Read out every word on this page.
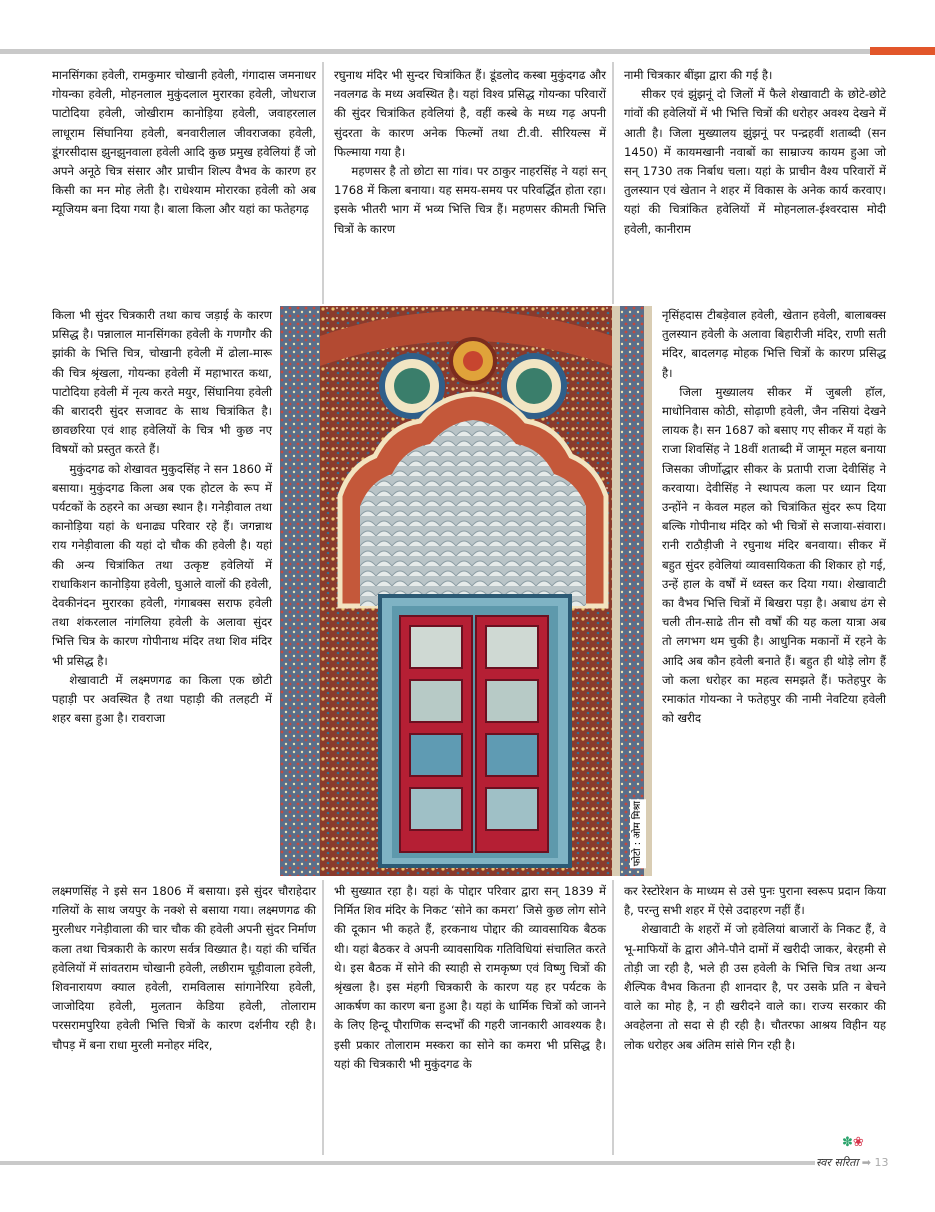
मानसिंगका हवेली, रामकुमार चोखानी हवेली, गंगादास जमनाधर गोयन्का हवेली, मोहनलाल मुकुंदलाल मुरारका हवेली, जोधराज पाटोदिया हवेली, जोखीराम कानोड़िया हवेली, जवाहरलाल लाधूराम सिंघानिया हवेली, बनवारीलाल जीवराजका हवेली, डूंगरसीदास झुनझुनवाला हवेली आदि कुछ प्रमुख हवेलियां हैं जो अपने अनूठे चित्र संसार और प्राचीन शिल्प वैभव के कारण हर किसी का मन मोह लेती है। राधेश्याम मोरारका हवेली को अब म्यूजियम बना दिया गया है। बाला किला और यहां का फतेहगढ़

किला भी सुंदर चित्रकारी तथा काच जड़ाई के कारण प्रसिद्ध है। पन्नालाल मानसिंगका हवेली के गणगौर की झांकी के भित्ति चित्र, चोखानी हवेली में ढोला-मारू की चित्र श्रृंखला, गोयन्का हवेली में महाभारत कथा, पाटोदिया हवेली में नृत्य करते मयुर, सिंघानिया हवेली की बारादरी सुंदर सजावट के साथ चित्रांकित है। छावछरिया एवं शाह हवेलियों के चित्र भी कुछ नए विषयों को प्रस्तुत करते हैं।

मुकुंदगढ को शेखावत मुकुदसिंह ने सन 1860 में बसाया। मुकुंदगढ किला अब एक होटल के रूप में पर्यटकों के ठहरने का अच्छा स्थान है। गनेड़ीवाल तथा कानोड़िया यहां के धनाढ्य परिवार रहे हैं। जगन्नाथ राय गनेड़ीवाला की यहां दो चौक की हवेली है। यहां की अन्य चित्रांकित तथा उत्कृष्ट हवेलियों में राधाकिशन कानोड़िया हवेली, घुआले वालों की हवेली, देवकीनंदन मुरारका हवेली, गंगाबक्स सराफ हवेली तथा शंकरलाल नांगलिया हवेली के अलावा सुंदर भित्ति चित्र के कारण गोपीनाथ मंदिर तथा शिव मंदिर भी प्रसिद्ध है।

शेखावाटी में लक्ष्मणगढ का किला एक छोटी पहाड़ी पर अवस्थित है तथा पहाड़ी की तलहटी में शहर बसा हुआ है। रावराजा

लक्ष्मणसिंह ने इसे सन 1806 में बसाया। इसे सुंदर चौराहेदार गलियों के साथ जयपुर के नक्शे से बसाया गया। लक्ष्मणगढ की मुरलीधर गनेड़ीवाला की चार चौक की हवेली अपनी सुंदर निर्माण कला तथा चित्रकारी के कारण सर्वत्र विख्यात है। यहां की चर्चित हवेलियों में सांवतराम चोखानी हवेली, लछीराम चूड़ीवाला हवेली, शिवनारायण क्याल हवेली, रामविलास सांगानेरिया हवेली, जाजोदिया हवेली, मुलतान केडिया हवेली, तोलाराम परसरामपुरिया हवेली भित्ति चित्रों के कारण दर्शनीय रही है। चौपड़ में बना राधा मुरली मनोहर मंदिर,

रघुनाथ मंदिर भी सुन्दर चित्रांकित हैं। डूंडलोद कस्बा मुकुंदगढ और नवलगढ के मध्य अवस्थित है। यहां विश्व प्रसिद्ध गोयन्का परिवारों की सुंदर चित्रांकित हवेलियां है, वहीं कस्बे के मध्य गढ़ अपनी सुंदरता के कारण अनेक फिल्मों तथा टी.वी. सीरियल्स में फिल्माया गया है।

महणसर है तो छोटा सा गांव। पर ठाकुर नाहरसिंह ने यहां सन् 1768 में किला बनाया। यह समय-समय पर परिवर्द्धित होता रहा। इसके भीतरी भाग में भव्य भित्ति चित्र हैं। महणसर कीमती भित्ति चित्रों के कारण

भी सुख्यात रहा है। यहां के पोद्दार परिवार द्वारा सन् 1839 में निर्मित शिव मंदिर के निकट ‘सोने का कमरा’ जिसे कुछ लोग सोने की दूकान भी कहते हैं, हरकनाथ पोद्दार की व्यावसायिक बैठक थी। यहां बैठकर वे अपनी व्यावसायिक गतिविधियां संचालित करते थे। इस बैठक में सोने की स्याही से रामकृष्ण एवं विष्णु चित्रों की श्रृंखला है। इस मंहगी चित्रकारी के कारण यह हर पर्यटक के आकर्षण का कारण बना हुआ है। यहां के धार्मिक चित्रों को जानने के लिए हिन्दू पौराणिक सन्दर्भों की गहरी जानकारी आवश्यक है। इसी प्रकार तोलाराम मस्करा का सोने का कमरा भी प्रसिद्ध है। यहां की चित्रकारी भी मुकुंदगढ के

नामी चित्रकार बींझा द्वारा की गई है।

सीकर एवं झुंझनूं दो जिलों में फैले शेखावाटी के छोटे-छोटे गांवों की हवेलियों में भी भित्ति चित्रों की धरोहर अवश्य देखने में आती है। जिला मुख्यालय झुंझनूं पर पन्द्रहवीं शताब्दी (सन 1450) में कायमखानी नवाबों का साम्राज्य कायम हुआ जो सन् 1730 तक निर्बाध चला। यहां के प्राचीन वैश्य परिवारों में तुलस्यान एवं खेतान ने शहर में विकास के अनेक कार्य करवाए। यहां की चित्रांकित हवेलियों में मोहनलाल-ईश्वरदास मोदी हवेली, कानीराम

नृसिंहदास टीबड़ेवाल हवेली, खेतान हवेली, बालाबक्स तुलस्यान हवेली के अलावा बिहारीजी मंदिर, राणी सती मंदिर, बादलगढ़ मोहक भित्ति चित्रों के कारण प्रसिद्ध है।

जिला मुख्यालय सीकर में जुबली हॉल, माधोनिवास कोठी, सोढ़ाणी हवेली, जैन नसियां देखने लायक है। सन 1687 को बसाए गए सीकर में यहां के राजा शिवसिंह ने 18वीं शताब्दी में जामून महल बनाया जिसका जीर्णोद्धार सीकर के प्रतापी राजा देवीसिंह ने करवाया। देवीसिंह ने स्थापत्य कला पर ध्यान दिया उन्होंने न केवल महल को चित्रांकित सुंदर रूप दिया बल्कि गोपीनाथ मंदिर को भी चित्रों से सजाया-संवारा। रानी राठौड़ीजी ने रघुनाथ मंदिर बनवाया। सीकर में बहुत सुंदर हवेलियां व्यावसायिकता की शिकार हो गई, उन्हें हाल के वर्षों में ध्वस्त कर दिया गया। शेखावाटी का वैभव भित्ति चित्रों में बिखरा पड़ा है। अबाध ढंग से चली तीन-साढे तीन सौ वर्षों की यह कला यात्रा अब तो लगभग थम चुकी है। आधुनिक मकानों में रहने के आदि अब कौन हवेली बनाते हैं। बहुत ही थोड़े लोग हैं जो कला धरोहर का महत्व समझते हैं। फतेहपुर के रमाकांत गोयन्का ने फतेहपुर की नामी नेवटिया हवेली को खरीद

कर रेस्टोरेशन के माध्यम से उसे पुनः पुराना स्वरूप प्रदान किया है, परन्तु सभी शहर में ऐसे उदाहरण नहीं हैं।

शेखावाटी के शहरों में जो हवेलियां बाजारों के निकट हैं, वे भू-माफियों के द्वारा औने-पौने दामों में खरीदी जाकर, बेरहमी से तोड़ी जा रही है, भले ही उस हवेली के भित्ति चित्र तथा अन्य शैल्पिक वैभव कितना ही शानदार है, पर उसके प्रति न बेचने वाले का मोह है, न ही खरीदने वाले का। राज्य सरकार की अवहेलना तो सदा से ही रही है। चौतरफा आश्रय विहीन यह लोक धरोहर अब अंतिम सांसे गिन रही है।

फोटो : ओम मिश्रा
✽❀
स्वर सरिता ➡ 13
